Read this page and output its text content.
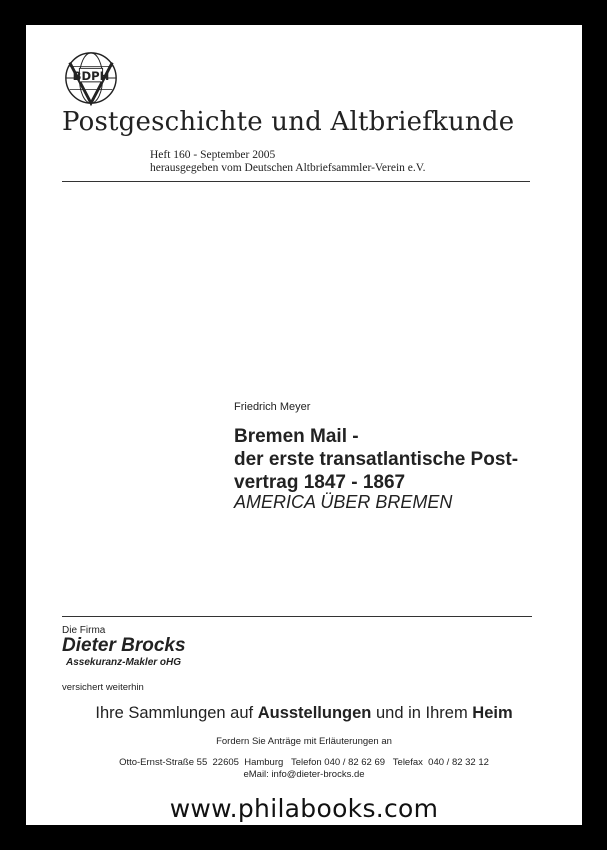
BDPH
Postgeschichte und Altbriefkunde
Heft 160 - September 2005
herausgegeben vom Deutschen Altbriefsammler-Verein e.V.
Friedrich Meyer
Bremen Mail -
der erste transatlantische Post-
vertrag 1847 - 1867
AMERICA ÜBER BREMEN
Die Firma
Dieter Brocks
Assekuranz-Makler oHG
versichert weiterhin
Ihre Sammlungen auf Ausstellungen und in Ihrem Heim
Fordern Sie Anträge mit Erläuterungen an
Otto-Ernst-Straße 55  22605  Hamburg   Telefon 040 / 82 62 69   Telefax  040 / 82 32 12
eMail: info@dieter-brocks.de
www.philabooks.com
